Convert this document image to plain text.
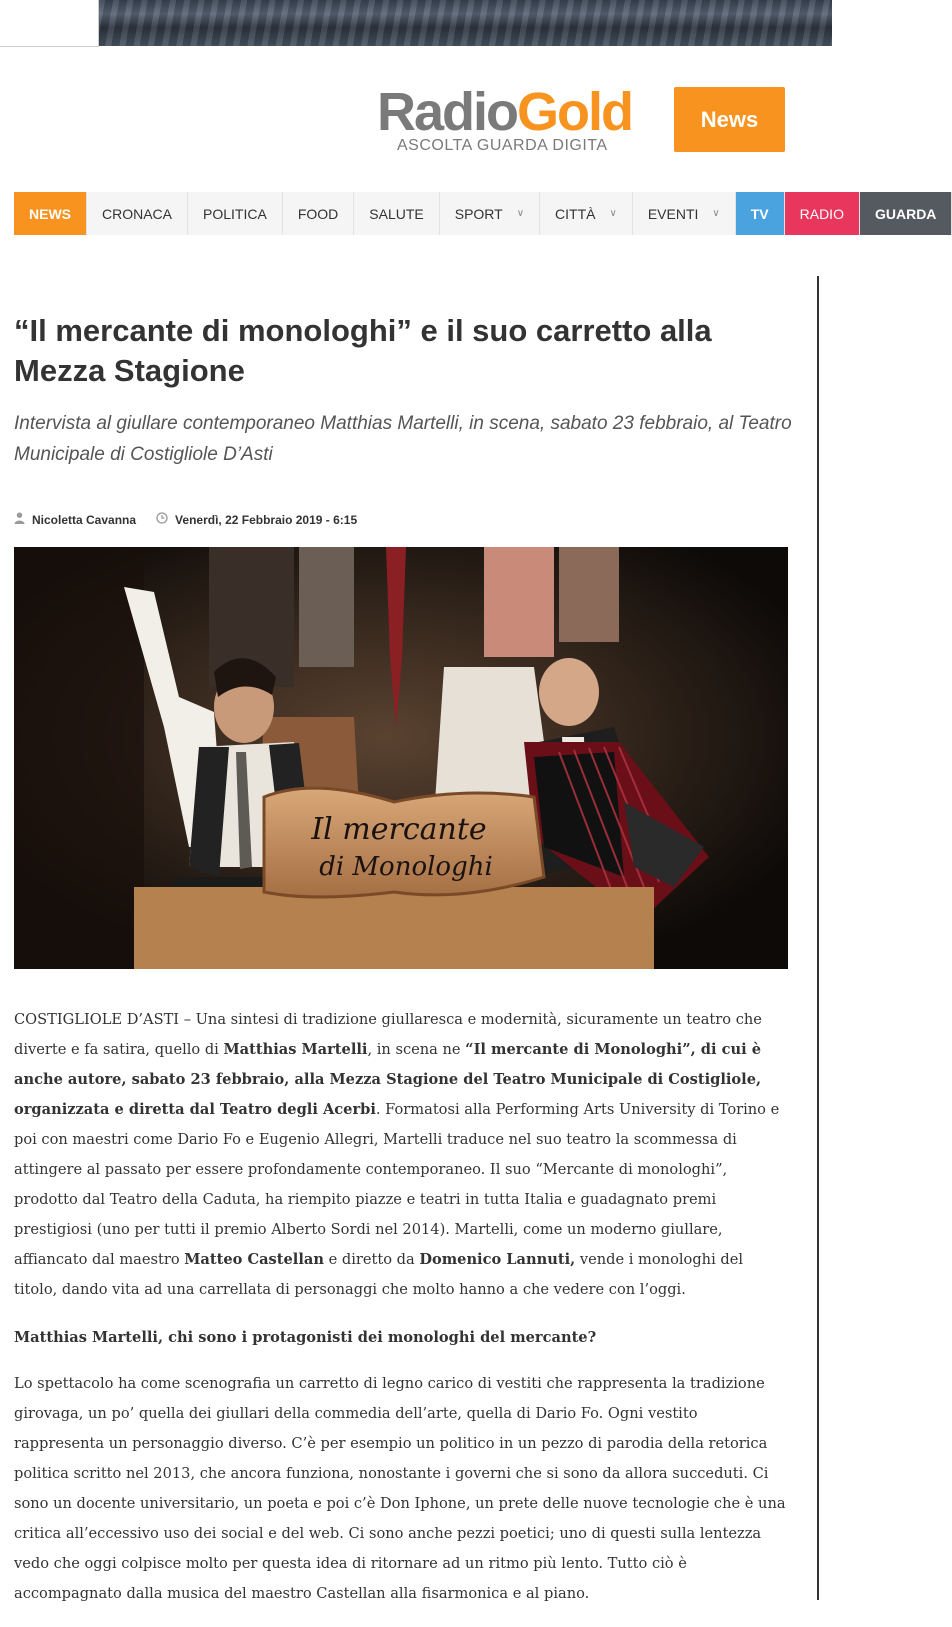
RadioGold
ASCOLTA GUARDA DIGITA
News
NEWS CRONACA POLITICA FOOD SALUTE SPORT ∨ CITTÀ ∨ EVENTI ∨ TV RADIO GUARDA
“Il mercante di monologhi” e il suo carretto alla Mezza Stagione
Intervista al giullare contemporaneo Matthias Martelli, in scena, sabato 23 febbraio, al Teatro Municipale di Costigliole D’Asti
Nicoletta Cavanna	Venerdì, 22 Febbraio 2019 - 6:15
Il mercante
di Monologhi

COSTIGLIOLE D’ASTI – Una sintesi di tradizione giullaresca e modernità, sicuramente un teatro che diverte e fa satira, quello di Matthias Martelli, in scena ne “Il mercante di Monologhi”, di cui è anche autore, sabato 23 febbraio, alla Mezza Stagione del Teatro Municipale di Costigliole, organizzata e diretta dal Teatro degli Acerbi. Formatosi alla Performing Arts University di Torino e poi con maestri come Dario Fo e Eugenio Allegri, Martelli traduce nel suo teatro la scommessa di attingere al passato per essere profondamente contemporaneo. Il suo “Mercante di monologhi”, prodotto dal Teatro della Caduta, ha riempito piazze e teatri in tutta Italia e guadagnato premi prestigiosi (uno per tutti il premio Alberto Sordi nel 2014). Martelli, come un moderno giullare, affiancato dal maestro Matteo Castellan e diretto da Domenico Lannuti, vende i monologhi del titolo, dando vita ad una carrellata di personaggi che molto hanno a che vedere con l’oggi.

Matthias Martelli, chi sono i protagonisti dei monologhi del mercante?

Lo spettacolo ha come scenografia un carretto di legno carico di vestiti che rappresenta la tradizione girovaga, un po’ quella dei giullari della commedia dell’arte, quella di Dario Fo. Ogni vestito rappresenta un personaggio diverso. C’è per esempio un politico in un pezzo di parodia della retorica politica scritto nel 2013, che ancora funziona, nonostante i governi che si sono da allora succeduti. Ci sono un docente universitario, un poeta e poi c’è Don Iphone, un prete delle nuove tecnologie che è una critica all’eccessivo uso dei social e del web. Ci sono anche pezzi poetici; uno di questi sulla lentezza vedo che oggi colpisce molto per questa idea di ritornare ad un ritmo più lento. Tutto ciò è accompagnato dalla musica del maestro Castellan alla fisarmonica e al piano.
